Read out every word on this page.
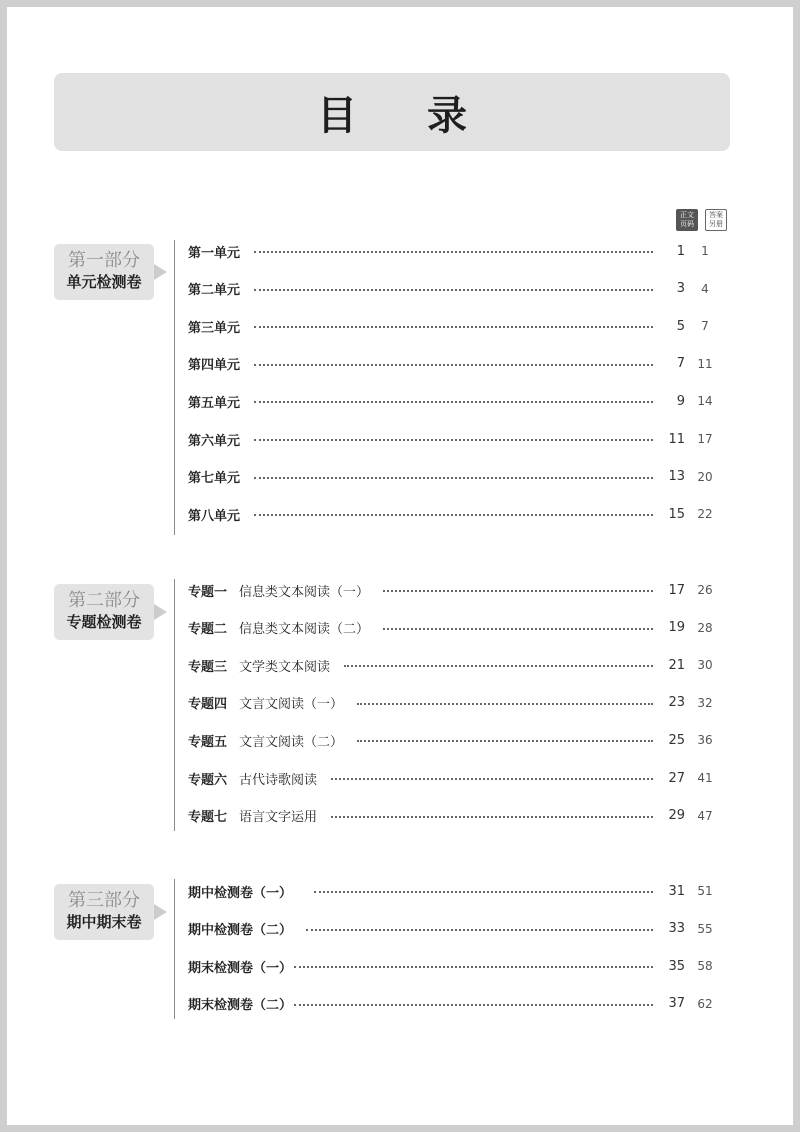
目 录
正文页码
答案另册
第一部分
单元检测卷
第一单元	1	1
第二单元	3	4
第三单元	5	7
第四单元	7	11
第五单元	9	14
第六单元	11	17
第七单元	13	20
第八单元	15	22
第二部分
专题检测卷
专题一 信息类文本阅读（一）	17	26
专题二 信息类文本阅读（二）	19	28
专题三 文学类文本阅读	21	30
专题四 文言文阅读（一）	23	32
专题五 文言文阅读（二）	25	36
专题六 古代诗歌阅读	27	41
专题七 语言文字运用	29	47
第三部分
期中期末卷
期中检测卷（一）	31	51
期中检测卷（二）	33	55
期末检测卷（一）	35	58
期末检测卷（二）	37	62
